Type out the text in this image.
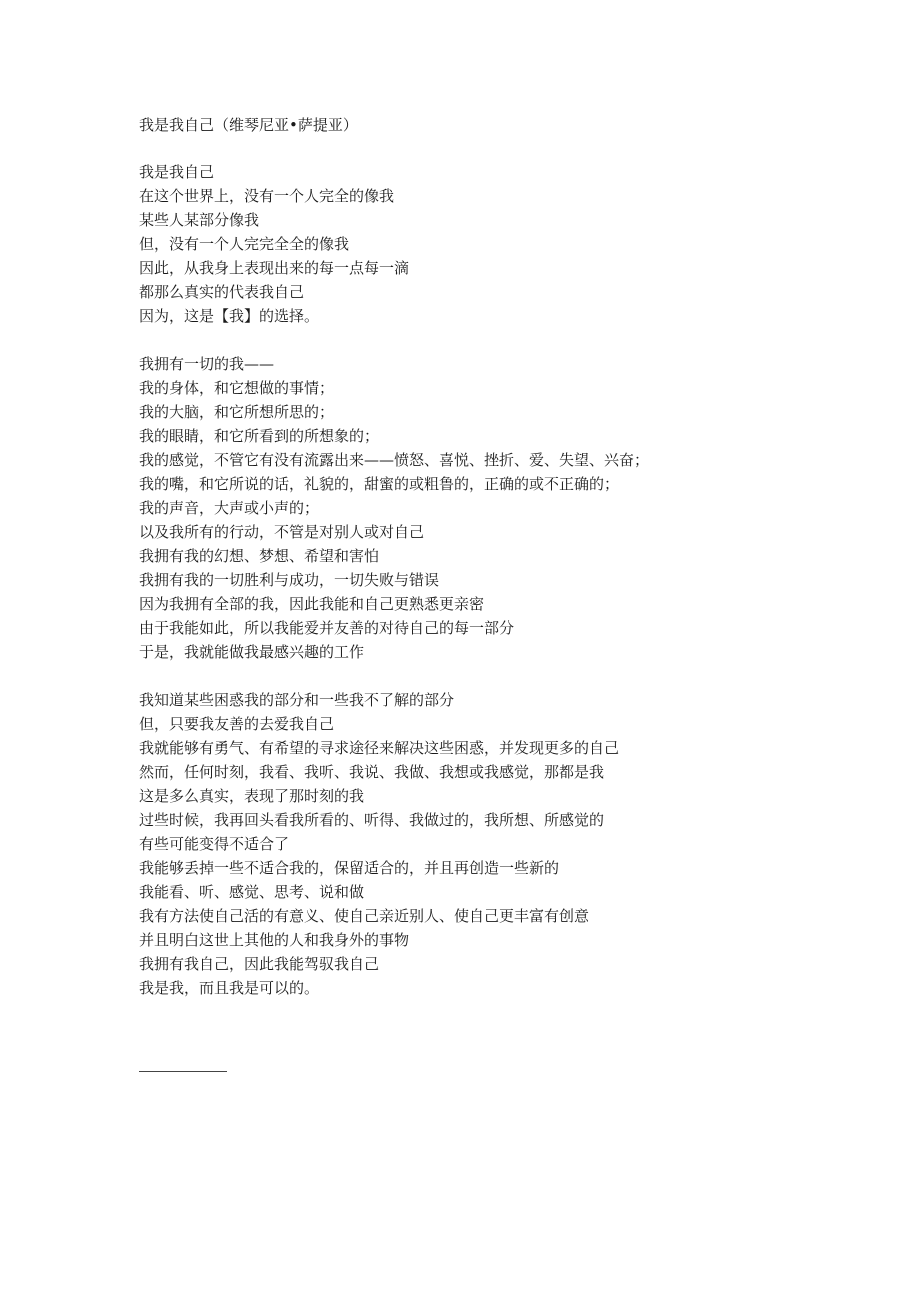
我是我自己（维琴尼亚•萨提亚）
我是我自己
在这个世界上，没有一个人完全的像我
某些人某部分像我
但，没有一个人完完全全的像我
因此，从我身上表现出来的每一点每一滴
都那么真实的代表我自己
因为，这是【我】的选择。
我拥有一切的我——
我的身体，和它想做的事情；
我的大脑，和它所想所思的；
我的眼睛，和它所看到的所想象的；
我的感觉，不管它有没有流露出来——愤怒、喜悦、挫折、爱、失望、兴奋；
我的嘴，和它所说的话，礼貌的，甜蜜的或粗鲁的，正确的或不正确的；
我的声音，大声或小声的；
以及我所有的行动，不管是对别人或对自己
我拥有我的幻想、梦想、希望和害怕
我拥有我的一切胜利与成功，一切失败与错误
因为我拥有全部的我，因此我能和自己更熟悉更亲密
由于我能如此，所以我能爱并友善的对待自己的每一部分
于是，我就能做我最感兴趣的工作
我知道某些困惑我的部分和一些我不了解的部分
但，只要我友善的去爱我自己
我就能够有勇气、有希望的寻求途径来解决这些困惑，并发现更多的自己
然而，任何时刻，我看、我听、我说、我做、我想或我感觉，那都是我
这是多么真实，表现了那时刻的我
过些时候，我再回头看我所看的、听得、我做过的，我所想、所感觉的
有些可能变得不适合了
我能够丢掉一些不适合我的，保留适合的，并且再创造一些新的
我能看、听、感觉、思考、说和做
我有方法使自己活的有意义、使自己亲近别人、使自己更丰富有创意
并且明白这世上其他的人和我身外的事物
我拥有我自己，因此我能驾驭我自己
我是我，而且我是可以的。
